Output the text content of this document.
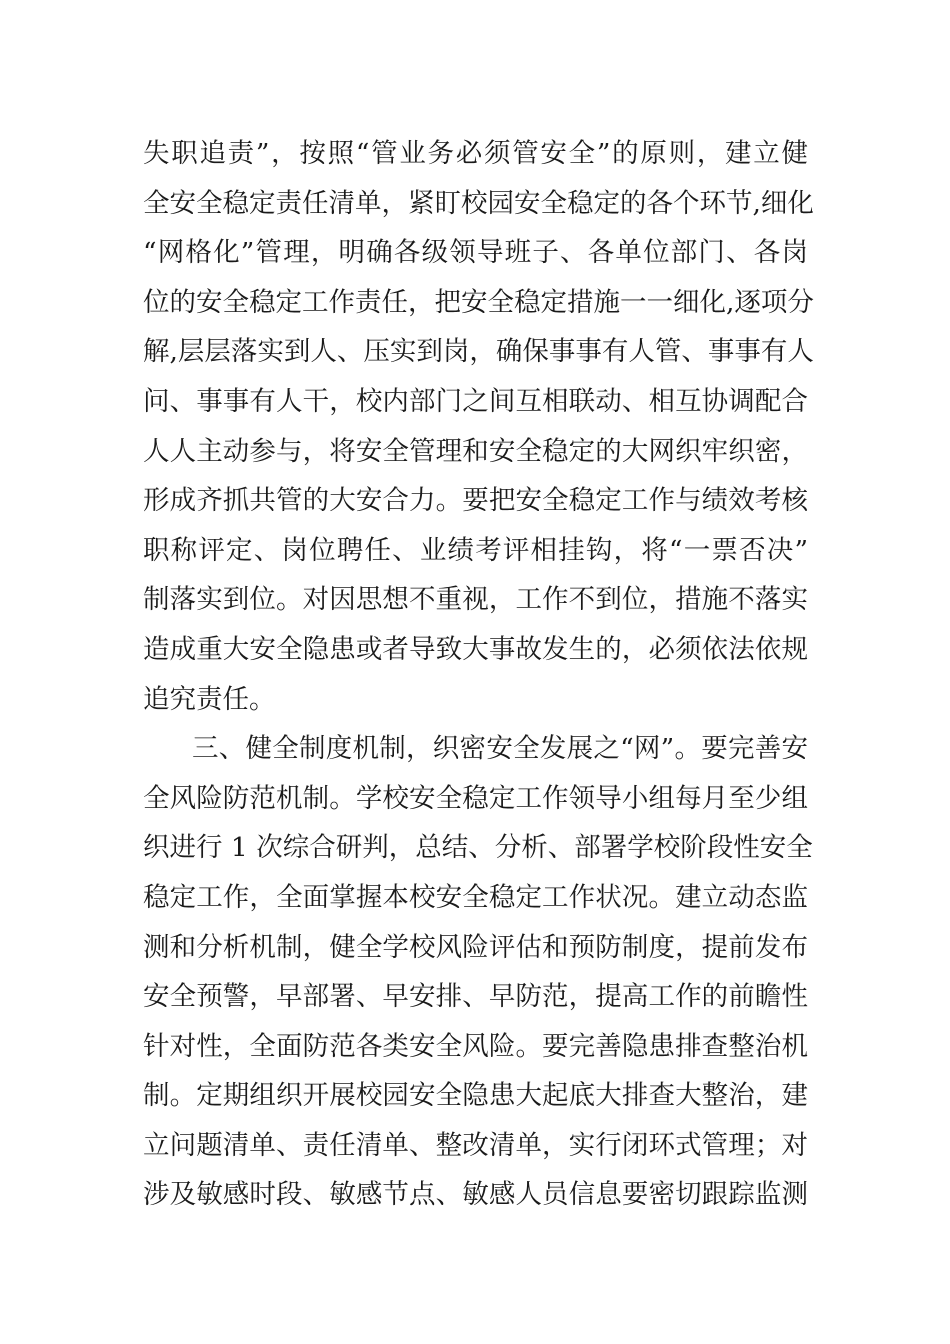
失职追责”，按照“管业务必须管安全”的原则，建立健
全安全稳定责任清单，紧盯校园安全稳定的各个环节,细化
“网格化”管理，明确各级领导班子、各单位部门、各岗
位的安全稳定工作责任，把安全稳定措施一一细化,逐项分
解,层层落实到人、压实到岗，确保事事有人管、事事有人
问、事事有人干，校内部门之间互相联动、相互协调配合
人人主动参与，将安全管理和安全稳定的大网织牢织密，
形成齐抓共管的大安合力。要把安全稳定工作与绩效考核
职称评定、岗位聘任、业绩考评相挂钩，将“一票否决”
制落实到位。对因思想不重视，工作不到位，措施不落实
造成重大安全隐患或者导致大事故发生的，必须依法依规
追究责任。
三、健全制度机制，织密安全发展之“网”。要完善安
全风险防范机制。学校安全稳定工作领导小组每月至少组
织进行 1 次综合研判，总结、分析、部署学校阶段性安全
稳定工作，全面掌握本校安全稳定工作状况。建立动态监
测和分析机制，健全学校风险评估和预防制度，提前发布
安全预警，早部署、早安排、早防范，提高工作的前瞻性
针对性，全面防范各类安全风险。要完善隐患排查整治机
制。定期组织开展校园安全隐患大起底大排查大整治，建
立问题清单、责任清单、整改清单，实行闭环式管理；对
涉及敏感时段、敏感节点、敏感人员信息要密切跟踪监测
